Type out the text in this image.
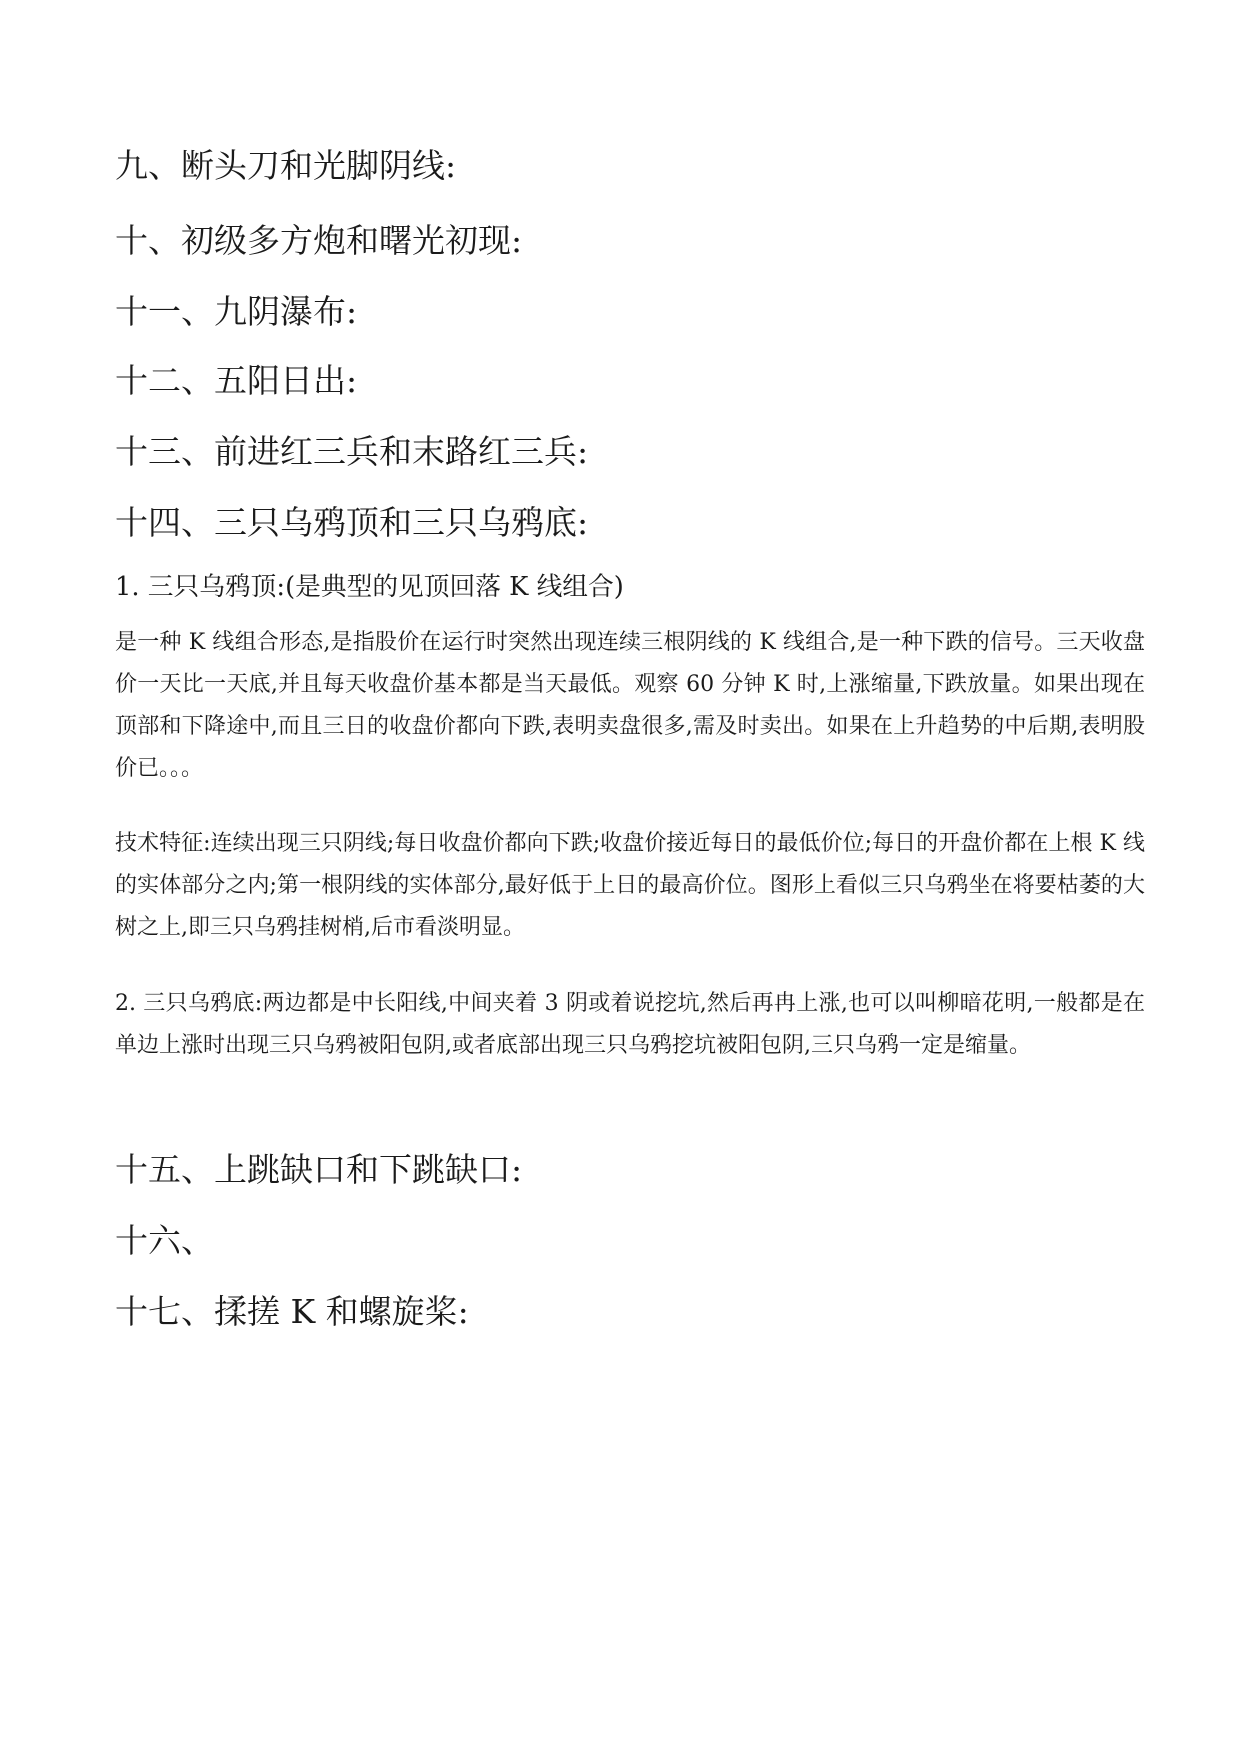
九、断头刀和光脚阴线:
十、初级多方炮和曙光初现:
十一、九阴瀑布:
十二、五阳日出:
十三、前进红三兵和末路红三兵:
十四、三只乌鸦顶和三只乌鸦底:
1. 三只乌鸦顶:(是典型的见顶回落 K 线组合)

是一种 K 线组合形态,是指股价在运行时突然出现连续三根阴线的 K 线组合,是一种下跌的信号。三天收盘价一天比一天底,并且每天收盘价基本都是当天最低。观察 60 分钟 K 时,上涨缩量,下跌放量。如果出现在顶部和下降途中,而且三日的收盘价都向下跌,表明卖盘很多,需及时卖出。如果在上升趋势的中后期,表明股价已。。。

技术特征:连续出现三只阴线;每日收盘价都向下跌;收盘价接近每日的最低价位;每日的开盘价都在上根 K 线的实体部分之内;第一根阴线的实体部分,最好低于上日的最高价位。图形上看似三只乌鸦坐在将要枯萎的大树之上,即三只乌鸦挂树梢,后市看淡明显。

2. 三只乌鸦底:两边都是中长阳线,中间夹着 3 阴或着说挖坑,然后再冉上涨,也可以叫柳暗花明,一般都是在单边上涨时出现三只乌鸦被阳包阴,或者底部出现三只乌鸦挖坑被阳包阴,三只乌鸦一定是缩量。

十五、上跳缺口和下跳缺口:
十六、
十七、揉搓 K 和螺旋桨:
